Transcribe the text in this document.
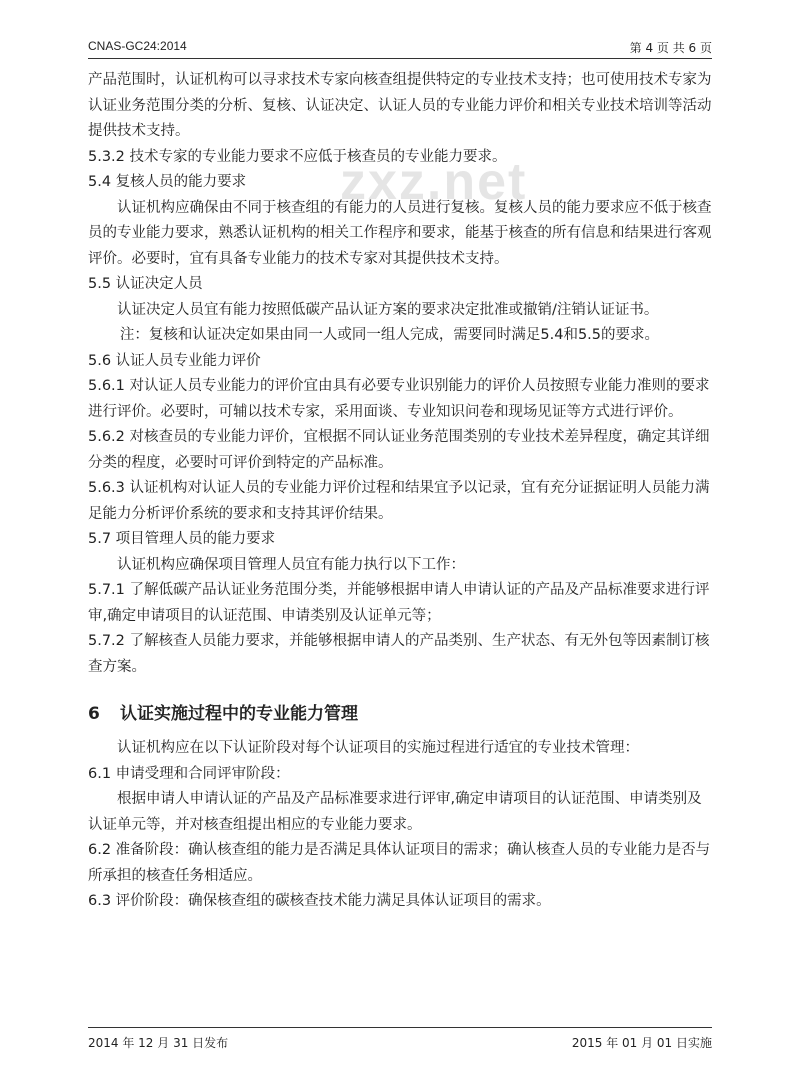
CNAS-GC24:2014	第 4 页 共 6 页
zxz.net

产品范围时，认证机构可以寻求技术专家向核查组提供特定的专业技术支持；也可使用技术专家为认证业务范围分类的分析、复核、认证决定、认证人员的专业能力评价和相关专业技术培训等活动提供技术支持。

5.3.2 技术专家的专业能力要求不应低于核查员的专业能力要求。

5.4 复核人员的能力要求

认证机构应确保由不同于核查组的有能力的人员进行复核。复核人员的能力要求应不低于核查员的专业能力要求，熟悉认证机构的相关工作程序和要求，能基于核查的所有信息和结果进行客观评价。必要时，宜有具备专业能力的技术专家对其提供技术支持。

5.5 认证决定人员

认证决定人员宜有能力按照低碳产品认证方案的要求决定批准或撤销/注销认证证书。

注：复核和认证决定如果由同一人或同一组人完成，需要同时满足5.4和5.5的要求。

5.6 认证人员专业能力评价

5.6.1 对认证人员专业能力的评价宜由具有必要专业识别能力的评价人员按照专业能力准则的要求进行评价。必要时，可辅以技术专家，采用面谈、专业知识问卷和现场见证等方式进行评价。

5.6.2 对核查员的专业能力评价，宜根据不同认证业务范围类别的专业技术差异程度，确定其详细分类的程度，必要时可评价到特定的产品标准。

5.6.3 认证机构对认证人员的专业能力评价过程和结果宜予以记录，宜有充分证据证明人员能力满足能力分析评价系统的要求和支持其评价结果。

5.7 项目管理人员的能力要求

认证机构应确保项目管理人员宜有能力执行以下工作：

5.7.1 了解低碳产品认证业务范围分类，并能够根据申请人申请认证的产品及产品标准要求进行评审,确定申请项目的认证范围、申请类别及认证单元等；

5.7.2 了解核查人员能力要求，并能够根据申请人的产品类别、生产状态、有无外包等因素制订核查方案。

6 认证实施过程中的专业能力管理

认证机构应在以下认证阶段对每个认证项目的实施过程进行适宜的专业技术管理：

6.1 申请受理和合同评审阶段：

根据申请人申请认证的产品及产品标准要求进行评审,确定申请项目的认证范围、申请类别及认证单元等，并对核查组提出相应的专业能力要求。

6.2 准备阶段：确认核查组的能力是否满足具体认证项目的需求；确认核查人员的专业能力是否与所承担的核查任务相适应。

6.3 评价阶段：确保核查组的碳核查技术能力满足具体认证项目的需求。

2014 年 12 月 31 日发布	2015 年 01 月 01 日实施
